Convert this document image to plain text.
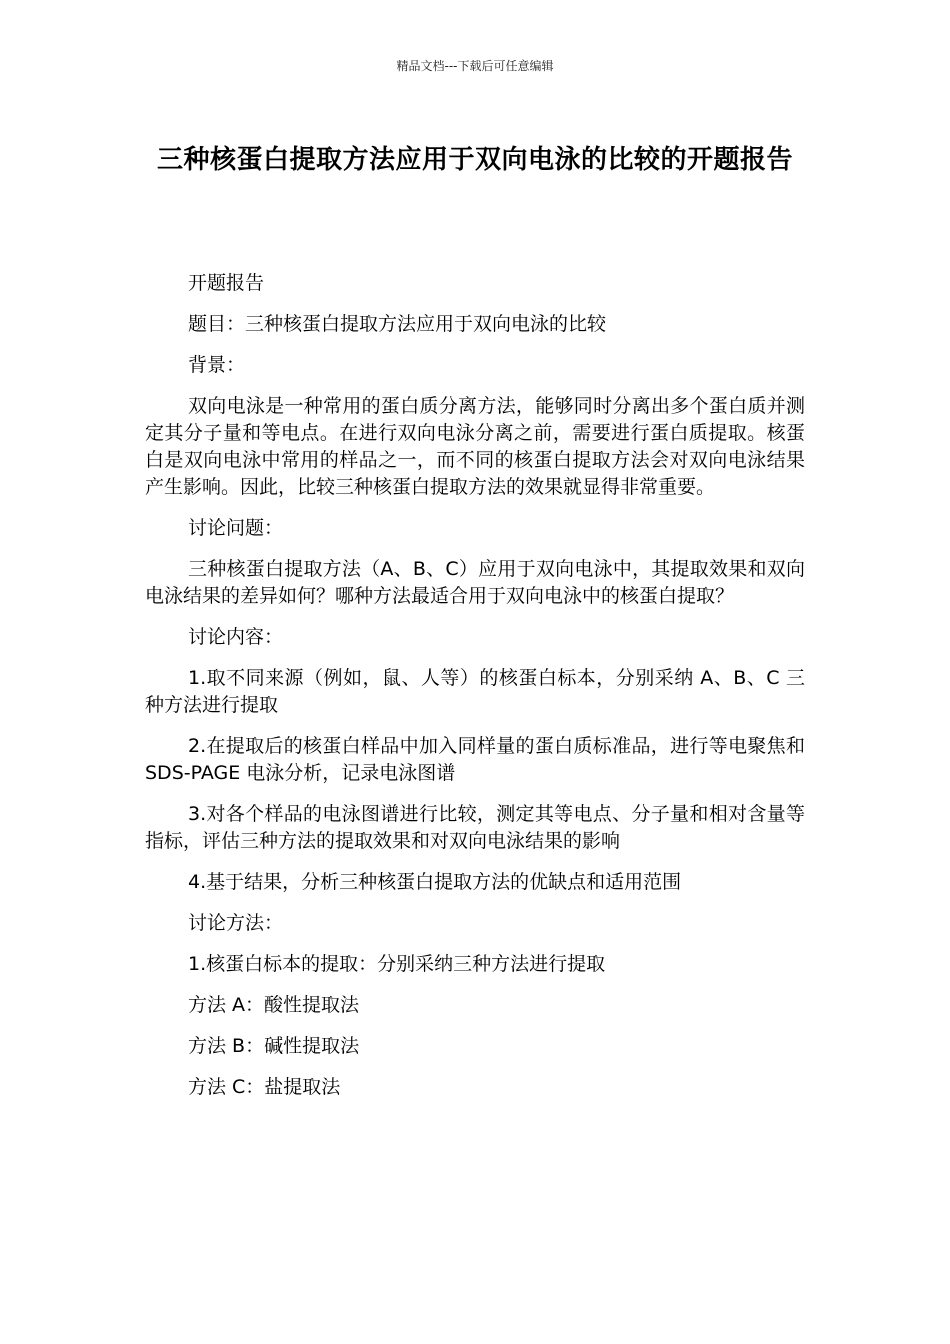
精品文档---下载后可任意编辑
三种核蛋白提取方法应用于双向电泳的比较的开题报告

开题报告

题目：三种核蛋白提取方法应用于双向电泳的比较

背景：

双向电泳是一种常用的蛋白质分离方法，能够同时分离出多个蛋白质并测定其分子量和等电点。在进行双向电泳分离之前，需要进行蛋白质提取。核蛋白是双向电泳中常用的样品之一，而不同的核蛋白提取方法会对双向电泳结果产生影响。因此，比较三种核蛋白提取方法的效果就显得非常重要。

讨论问题：

三种核蛋白提取方法（A、B、C）应用于双向电泳中，其提取效果和双向电泳结果的差异如何？哪种方法最适合用于双向电泳中的核蛋白提取？

讨论内容：

1.取不同来源（例如，鼠、人等）的核蛋白标本，分别采纳 A、B、C 三种方法进行提取

2.在提取后的核蛋白样品中加入同样量的蛋白质标准品，进行等电聚焦和 SDS-PAGE 电泳分析，记录电泳图谱

3.对各个样品的电泳图谱进行比较，测定其等电点、分子量和相对含量等指标，评估三种方法的提取效果和对双向电泳结果的影响

4.基于结果，分析三种核蛋白提取方法的优缺点和适用范围

讨论方法：

1.核蛋白标本的提取：分别采纳三种方法进行提取

方法 A：酸性提取法

方法 B：碱性提取法

方法 C：盐提取法
